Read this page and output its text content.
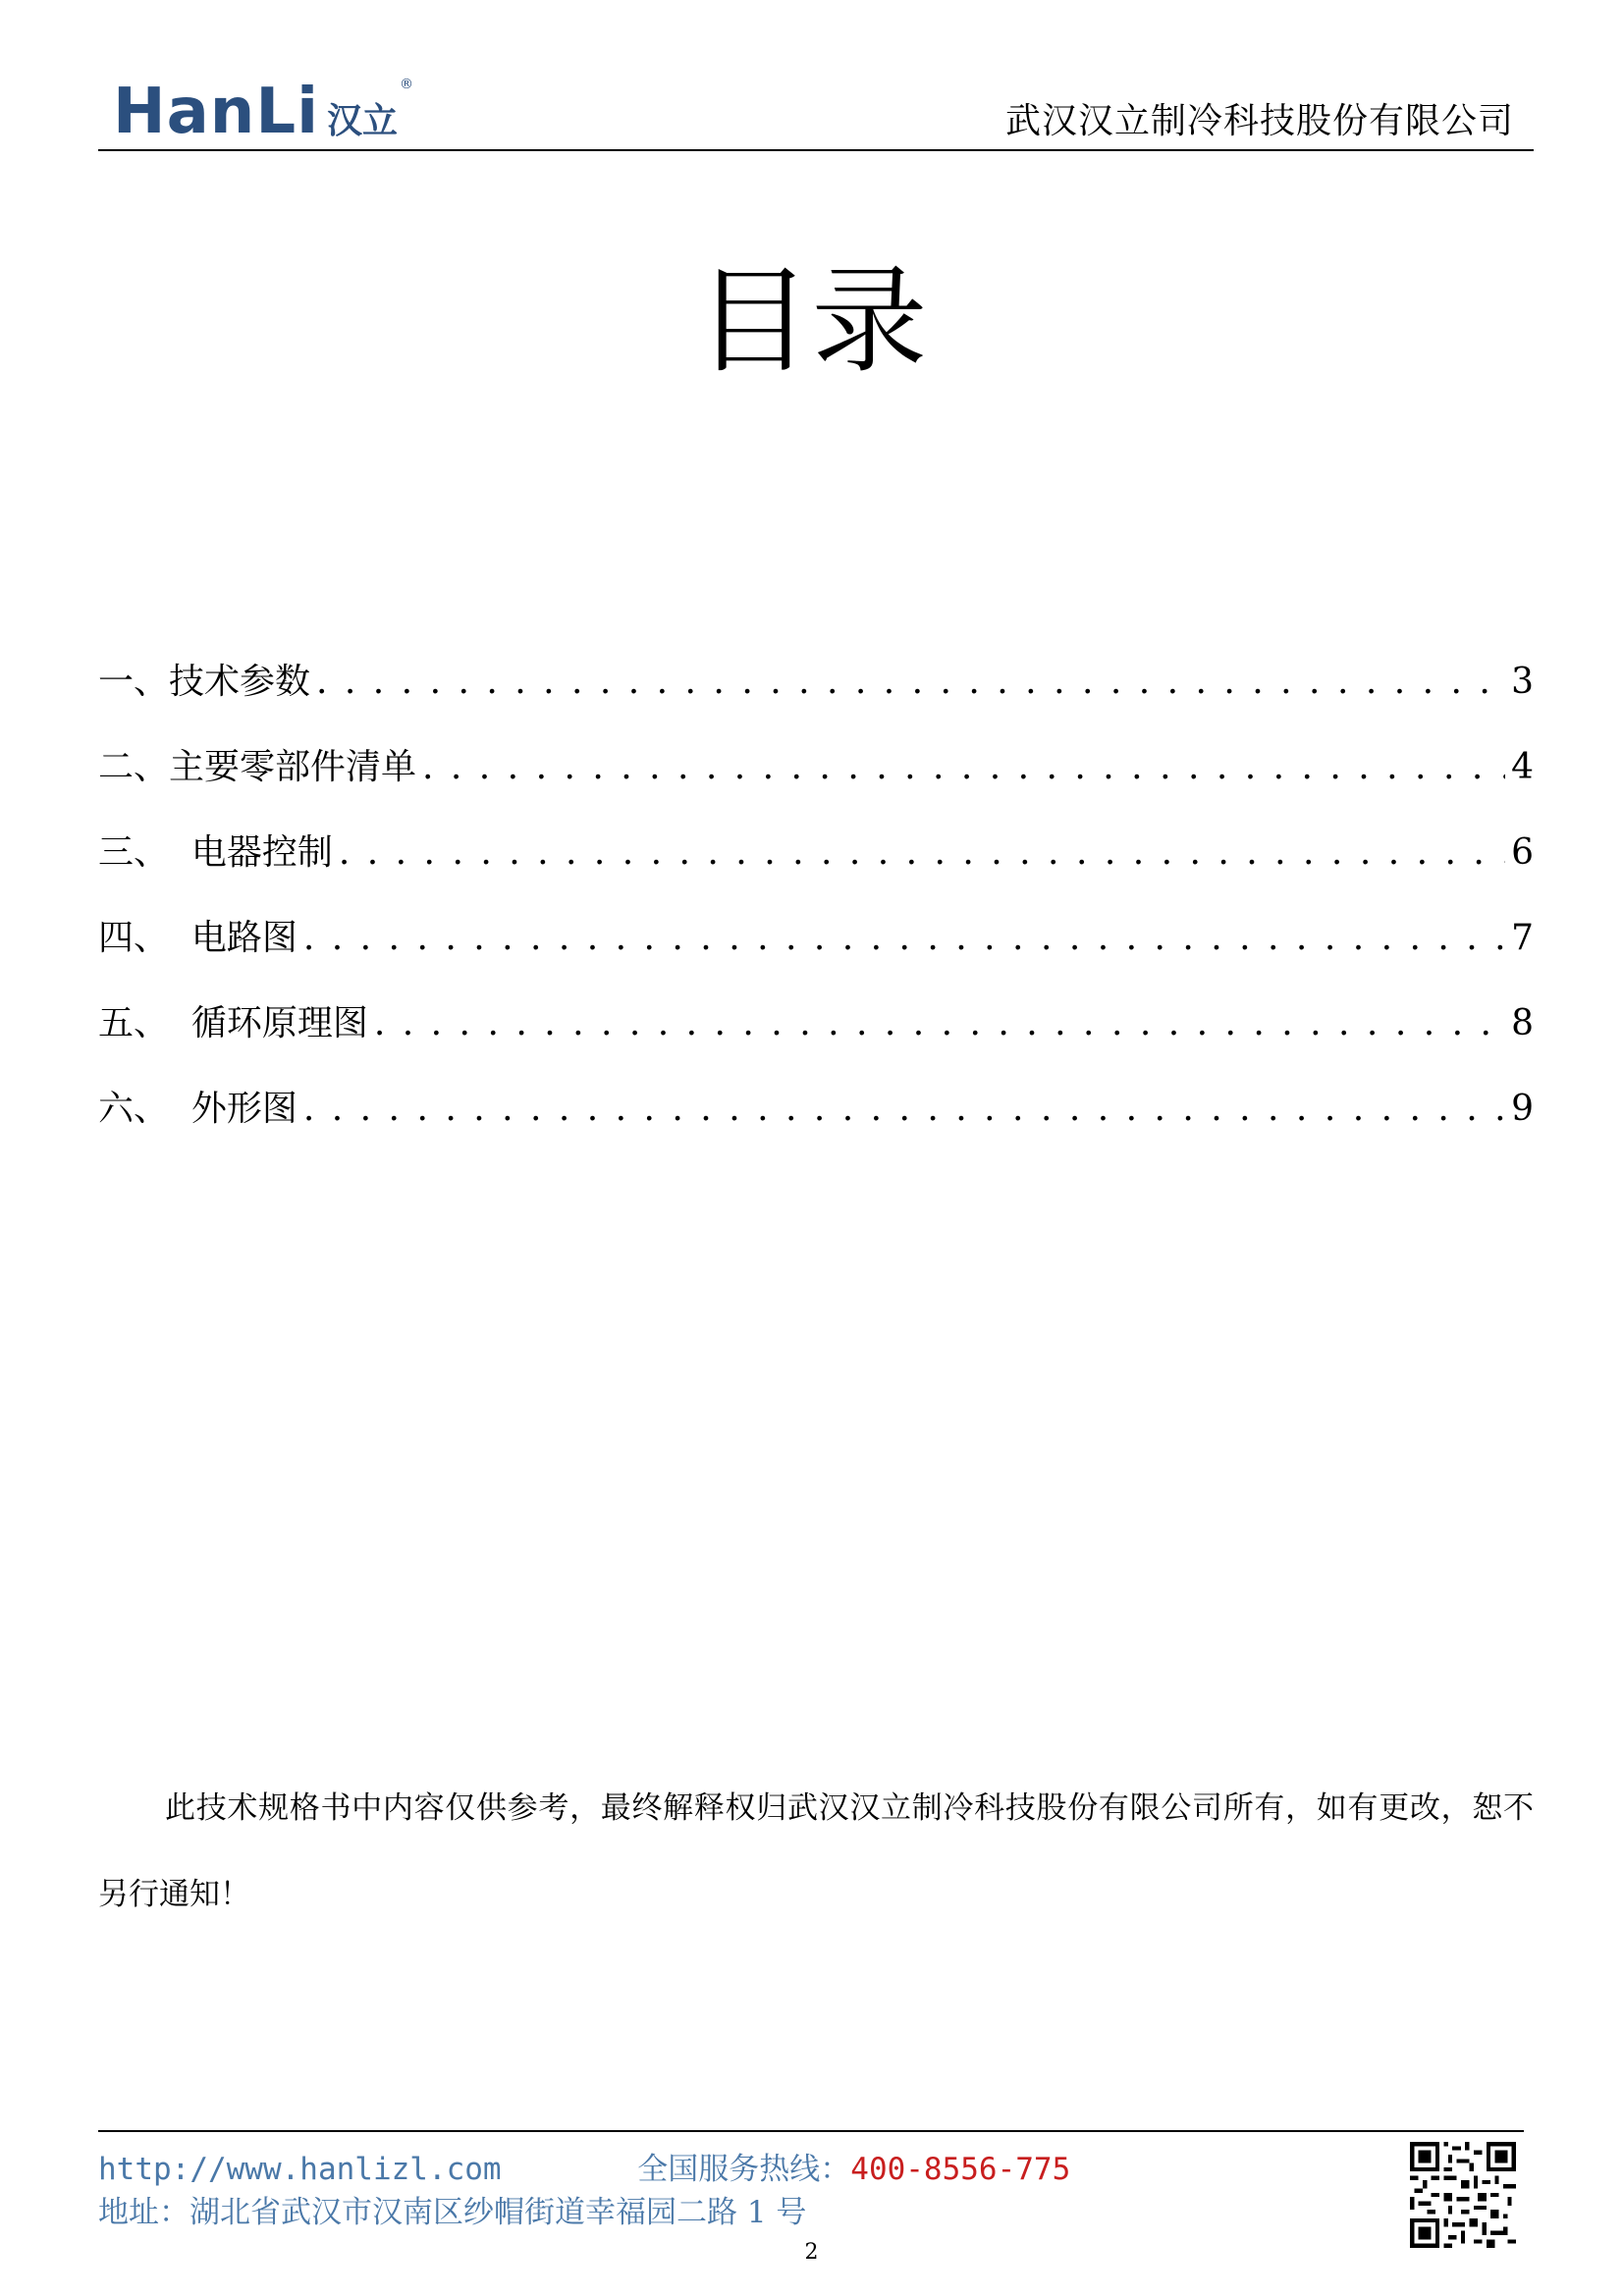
HanLi 汉立
®
武汉汉立制冷科技股份有限公司
目录
一、技术参数 . . .	3
二、主要零部件清单 . . .	4
三、  电器控制 . . .	6
四、  电路图 . . .	7
五、  循环原理图 . . .	8
六、  外形图 . . .	9
此技术规格书中内容仅供参考，最终解释权归武汉汉立制冷科技股份有限公司所有，如有更改，恕不另行通知！
http://www.hanlizl.com	全国服务热线：400-8556-775
地址：湖北省武汉市汉南区纱帽街道幸福园二路 1 号
2
